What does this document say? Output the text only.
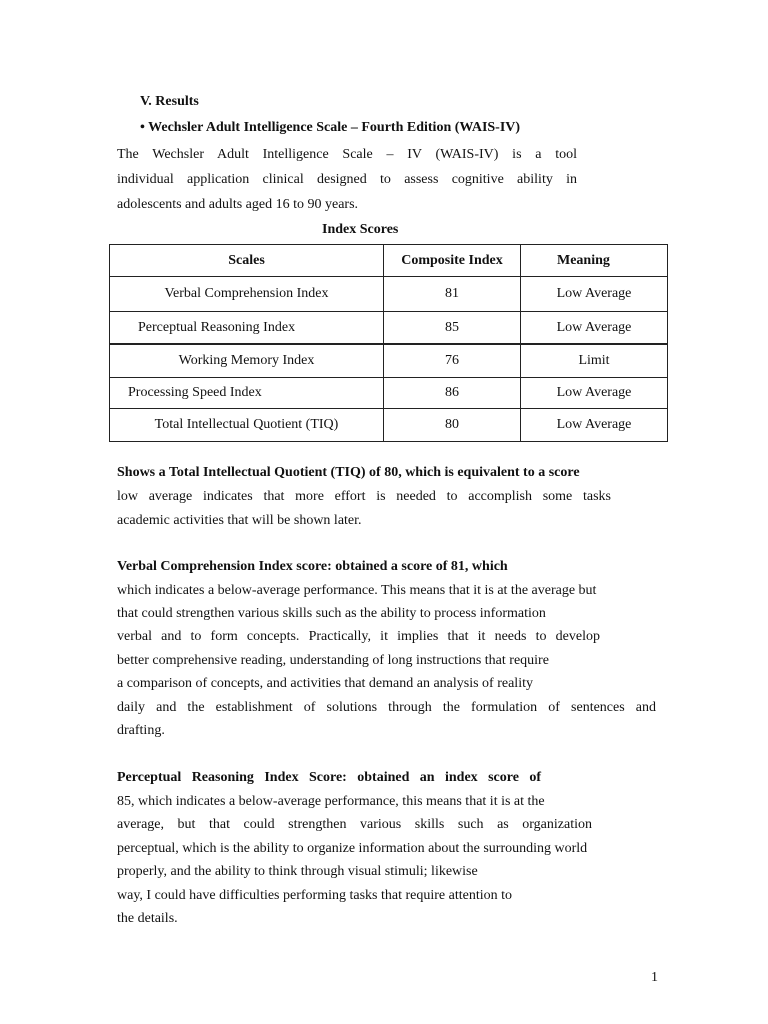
V. Results
• Wechsler Adult Intelligence Scale – Fourth Edition (WAIS-IV)
The Wechsler Adult Intelligence Scale – IV (WAIS-IV) is a tool
individual application clinical designed to assess cognitive ability in
adolescents and adults aged 16 to 90 years.
Index Scores
Scales	Composite Index	Meaning
Verbal Comprehension Index	81	Low Average
Perceptual Reasoning Index	85	Low Average
Working Memory Index	76	Limit
Processing Speed Index	86	Low Average
Total Intellectual Quotient (TIQ)	80	Low Average
Shows a Total Intellectual Quotient (TIQ) of 80, which is equivalent to a score
low average indicates that more effort is needed to accomplish some tasks
academic activities that will be shown later.
Verbal Comprehension Index score: obtained a score of 81, which
which indicates a below-average performance. This means that it is at the average but
that could strengthen various skills such as the ability to process information
verbal and to form concepts. Practically, it implies that it needs to develop
better comprehensive reading, understanding of long instructions that require
a comparison of concepts, and activities that demand an analysis of reality
daily and the establishment of solutions through the formulation of sentences and
drafting.
Perceptual Reasoning Index Score: obtained an index score of
85, which indicates a below-average performance, this means that it is at the
average, but that could strengthen various skills such as organization
perceptual, which is the ability to organize information about the surrounding world
properly, and the ability to think through visual stimuli; likewise
way, I could have difficulties performing tasks that require attention to
the details.
1
